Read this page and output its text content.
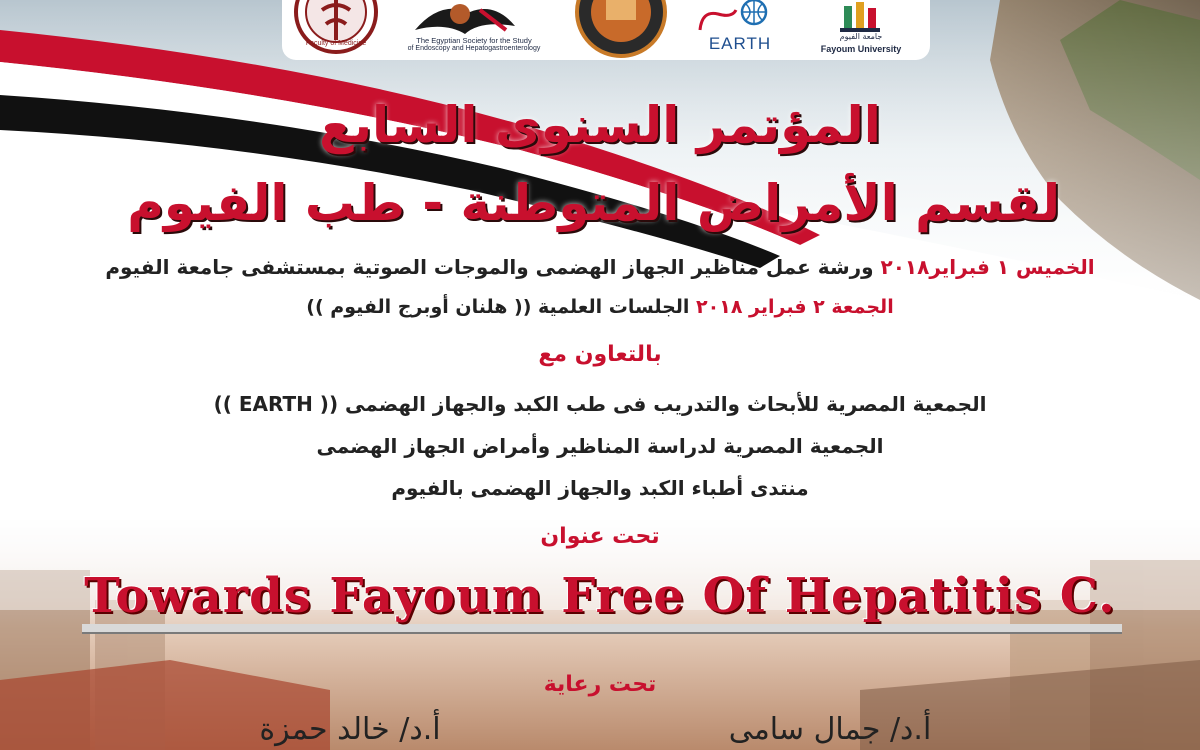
Faculty of Medicine	The Egyptian Society for the Study
of Endoscopy and Hepatogastroenterology	EARTH	جامعة الفيوم
Fayoum University
المؤتمر السنوى السابع
لقسم الأمراض المتوطنة - طب الفيوم
الخميس ١ فبراير٢٠١٨ ورشة عمل مناظير الجهاز الهضمى والموجات الصوتية بمستشفى جامعة الفيوم
الجمعة ٢ فبراير ٢٠١٨ الجلسات العلمية (( هلنان أوبرج الفيوم ))
بالتعاون مع
الجمعية المصرية للأبحاث والتدريب فى طب الكبد والجهاز الهضمى (( EARTH ))
الجمعية المصرية لدراسة المناظير وأمراض الجهاز الهضمى
منتدى أطباء الكبد والجهاز الهضمى بالفيوم
تحت عنوان
Towards Fayoum Free Of Hepatitis C.
تحت رعاية
أ.د/ جمال سامى
أ.د/ خالد حمزة
